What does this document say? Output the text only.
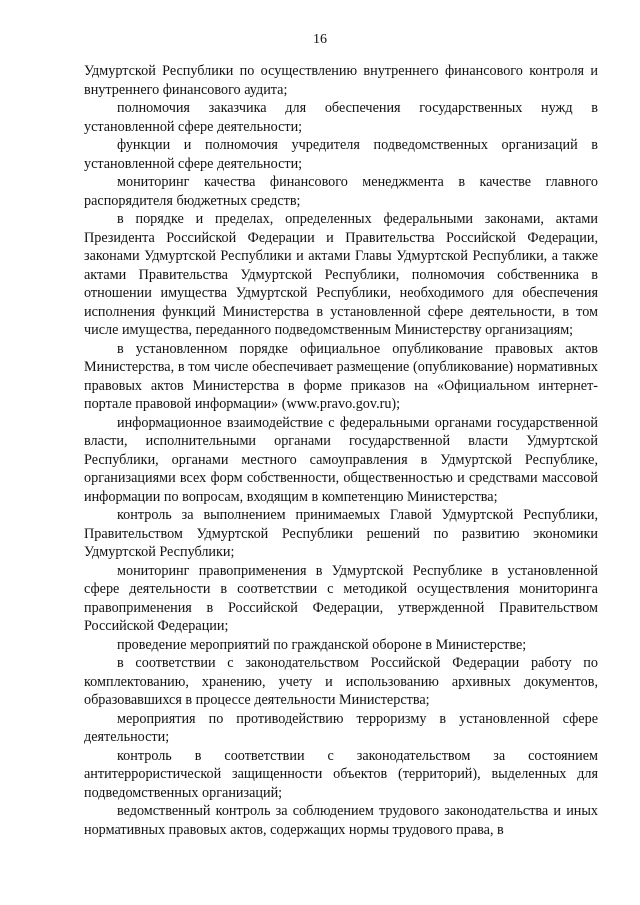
16

Удмуртской Республики по осуществлению внутреннего финансового контроля и внутреннего финансового аудита;

полномочия заказчика для обеспечения государственных нужд в установленной сфере деятельности;

функции и полномочия учредителя подведомственных организаций в установленной сфере деятельности;

мониторинг качества финансового менеджмента в качестве главного распорядителя бюджетных средств;

в порядке и пределах, определенных федеральными законами, актами Президента Российской Федерации и Правительства Российской Федерации, законами Удмуртской Республики и актами Главы Удмуртской Республики, а также актами Правительства Удмуртской Республики, полномочия собственника в отношении имущества Удмуртской Республики, необходимого для обеспечения исполнения функций Министерства в установленной сфере деятельности, в том числе имущества, переданного подведомственным Министерству организациям;

в установленном порядке официальное опубликование правовых актов Министерства, в том числе обеспечивает размещение (опубликование) нормативных правовых актов Министерства в форме приказов на «Официальном интернет-портале правовой информации» (www.pravo.gov.ru);

информационное взаимодействие с федеральными органами государственной власти, исполнительными органами государственной власти Удмуртской Республики, органами местного самоуправления в Удмуртской Республике, организациями всех форм собственности, общественностью и средствами массовой информации по вопросам, входящим в компетенцию Министерства;

контроль за выполнением принимаемых Главой Удмуртской Республики, Правительством Удмуртской Республики решений по развитию экономики Удмуртской Республики;

мониторинг правоприменения в Удмуртской Республике в установленной сфере деятельности в соответствии с методикой осуществления мониторинга правоприменения в Российской Федерации, утвержденной Правительством Российской Федерации;

проведение мероприятий по гражданской обороне в Министерстве;

в соответствии с законодательством Российской Федерации работу по комплектованию, хранению, учету и использованию архивных документов, образовавшихся в процессе деятельности Министерства;

мероприятия по противодействию терроризму в установленной сфере деятельности;

контроль в соответствии с законодательством за состоянием антитеррористической защищенности объектов (территорий), выделенных для подведомственных организаций;

ведомственный контроль за соблюдением трудового законодательства и иных нормативных правовых актов, содержащих нормы трудового права, в
